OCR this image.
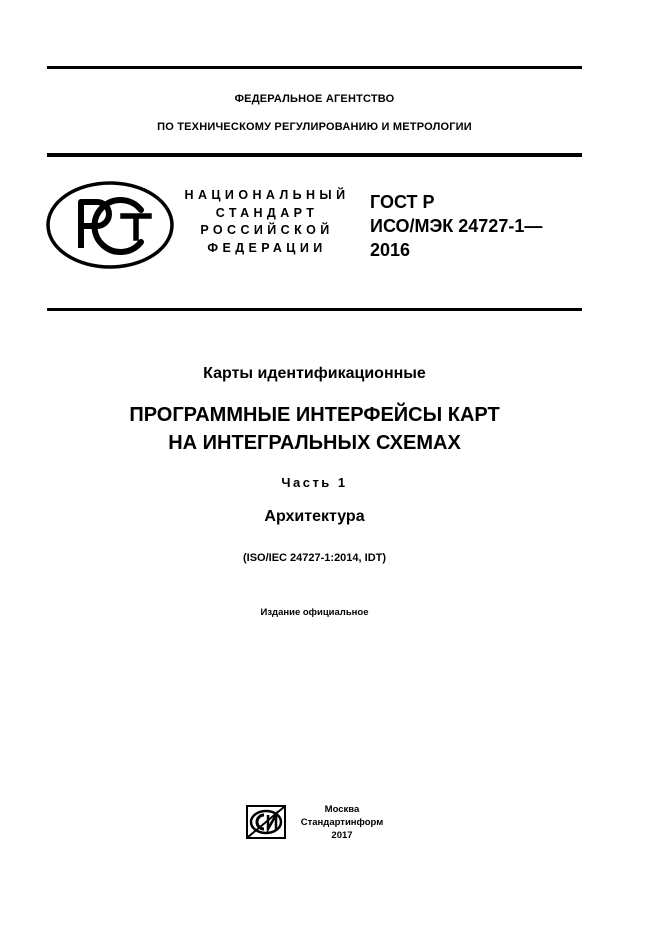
ФЕДЕРАЛЬНОЕ АГЕНТСТВО
ПО ТЕХНИЧЕСКОМУ РЕГУЛИРОВАНИЮ И МЕТРОЛОГИИ
НАЦИОНАЛЬНЫЙ
СТАНДАРТ
РОССИЙСКОЙ
ФЕДЕРАЦИИ
ГОСТ Р
ИСО/МЭК 24727-1—
2016
Карты идентификационные
ПРОГРАММНЫЕ ИНТЕРФЕЙСЫ КАРТ
НА ИНТЕГРАЛЬНЫХ СХЕМАХ
Часть 1
Архитектура
(ISO/IEC 24727-1:2014, IDT)
Издание официальное
Москва
Стандартинформ
2017
